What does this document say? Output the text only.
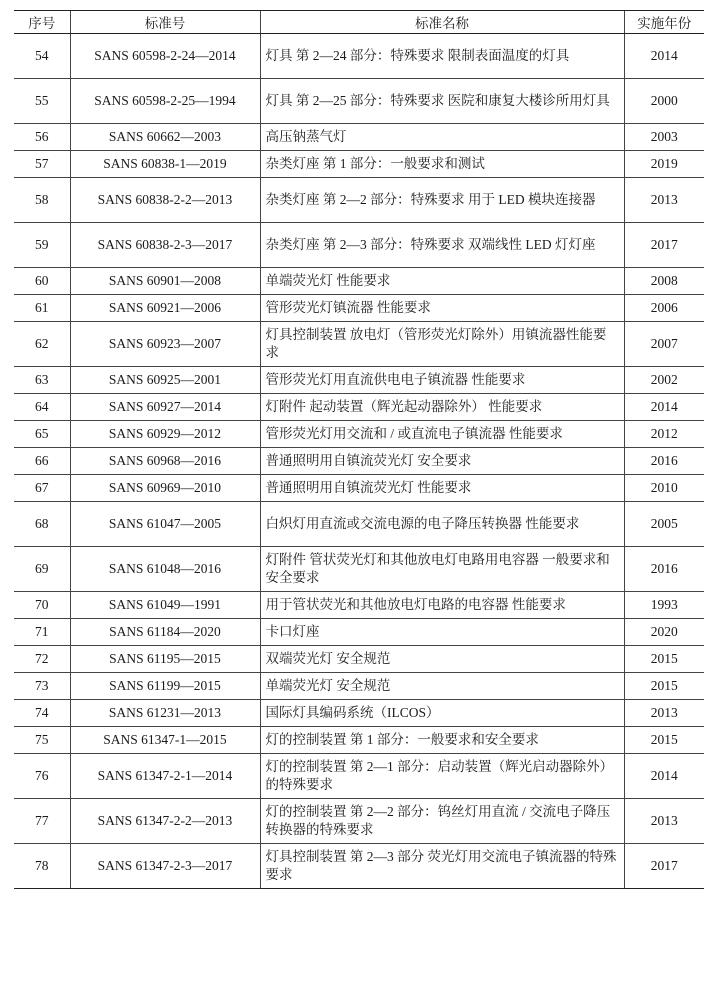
序号	标准号	标准名称	实施年份
54	SANS 60598-2-24—2014	灯具 第 2—24 部分：特殊要求 限制表面温度的灯具	2014
55	SANS 60598-2-25—1994	灯具 第 2—25 部分：特殊要求 医院和康复大楼诊所用灯具	2000
56	SANS 60662—2003	高压钠蒸气灯	2003
57	SANS 60838-1—2019	杂类灯座 第 1 部分：一般要求和测试	2019
58	SANS 60838-2-2—2013	杂类灯座 第 2—2 部分：特殊要求 用于 LED 模块连接器	2013
59	SANS 60838-2-3—2017	杂类灯座 第 2—3 部分：特殊要求 双端线性 LED 灯灯座	2017
60	SANS 60901—2008	单端荧光灯 性能要求	2008
61	SANS 60921—2006	管形荧光灯镇流器 性能要求	2006
62	SANS 60923—2007	灯具控制装置 放电灯（管形荧光灯除外）用镇流器性能要求	2007
63	SANS 60925—2001	管形荧光灯用直流供电电子镇流器 性能要求	2002
64	SANS 60927—2014	灯附件 起动装置（辉光起动器除外） 性能要求	2014
65	SANS 60929—2012	管形荧光灯用交流和 / 或直流电子镇流器 性能要求	2012
66	SANS 60968—2016	普通照明用自镇流荧光灯 安全要求	2016
67	SANS 60969—2010	普通照明用自镇流荧光灯 性能要求	2010
68	SANS 61047—2005	白炽灯用直流或交流电源的电子降压转换器 性能要求	2005
69	SANS 61048—2016	灯附件 管状荧光灯和其他放电灯电路用电容器 一般要求和安全要求	2016
70	SANS 61049—1991	用于管状荧光和其他放电灯电路的电容器 性能要求	1993
71	SANS 61184—2020	卡口灯座	2020
72	SANS 61195—2015	双端荧光灯 安全规范	2015
73	SANS 61199—2015	单端荧光灯 安全规范	2015
74	SANS 61231—2013	国际灯具编码系统（ILCOS）	2013
75	SANS 61347-1—2015	灯的控制装置 第 1 部分：一般要求和安全要求	2015
76	SANS 61347-2-1—2014	灯的控制装置 第 2—1 部分：启动装置（辉光启动器除外）的特殊要求	2014
77	SANS 61347-2-2—2013	灯的控制装置 第 2—2 部分：钨丝灯用直流 / 交流电子降压转换器的特殊要求	2013
78	SANS 61347-2-3—2017	灯具控制装置 第 2—3 部分 荧光灯用交流电子镇流器的特殊要求	2017
